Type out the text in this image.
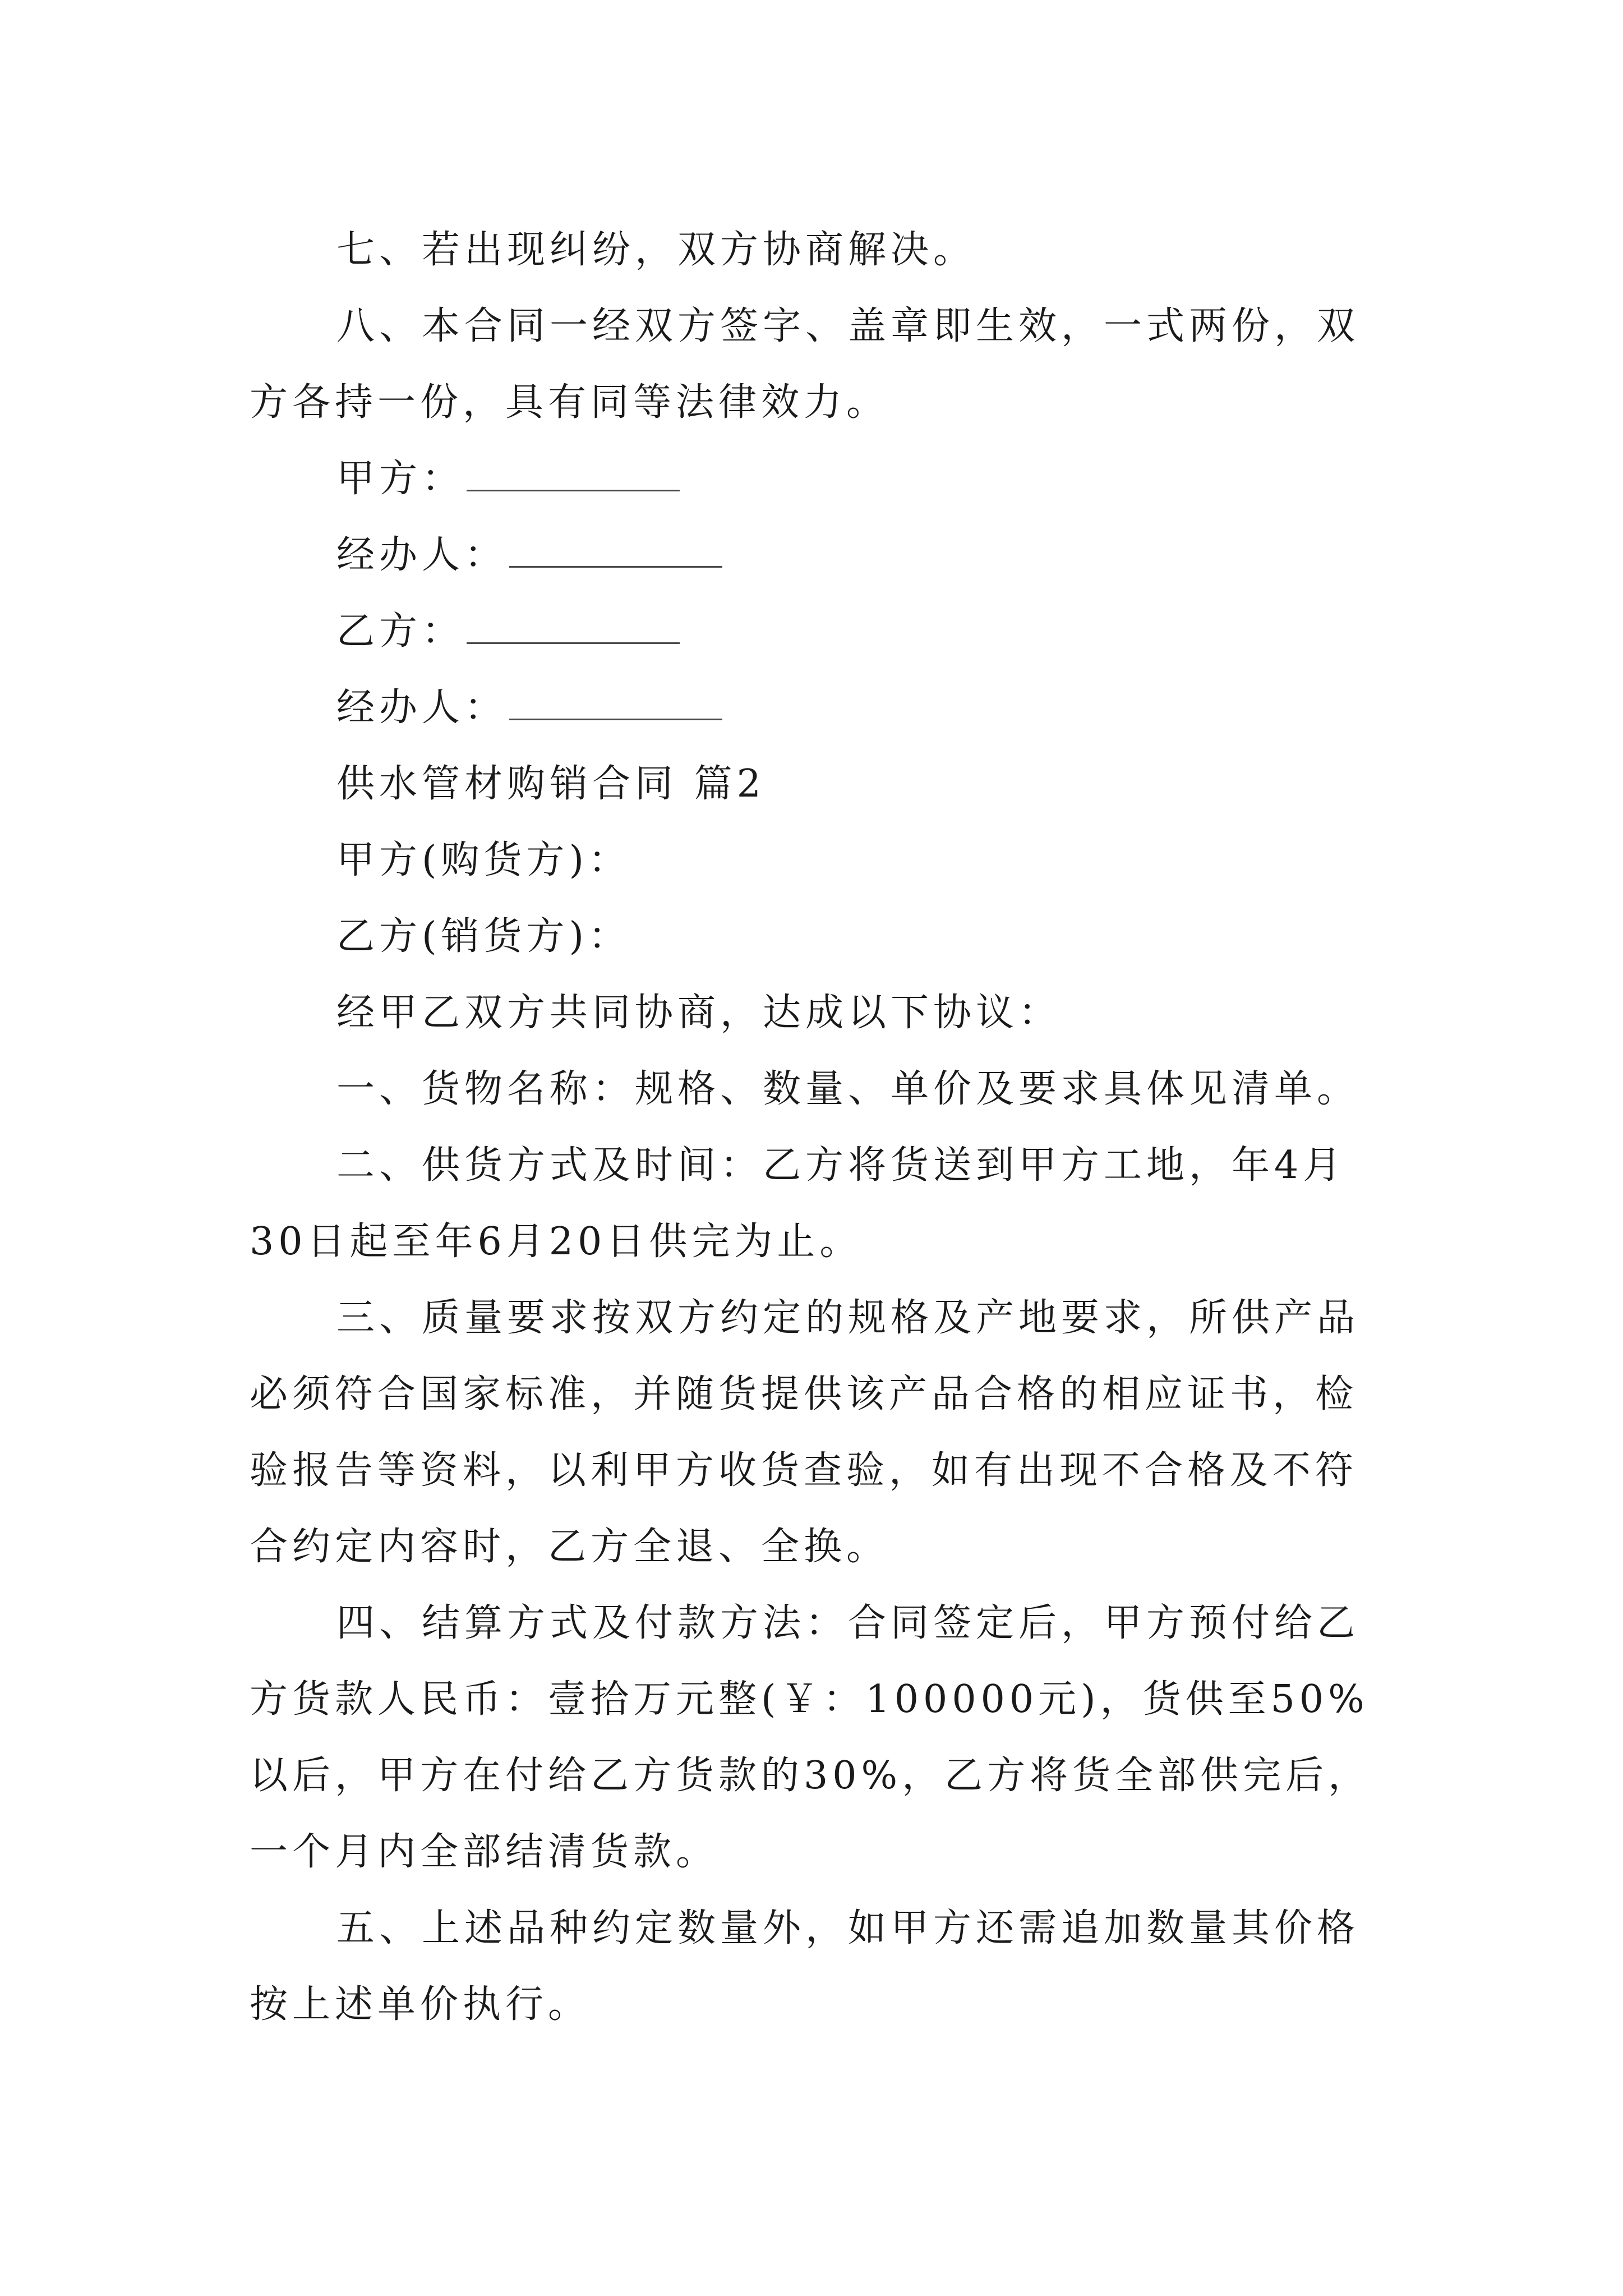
七、若出现纠纷，双方协商解决。

八、本合同一经双方签字、盖章即生效，一式两份，双方各持一份，具有同等法律效力。

甲方：

经办人：

乙方：

经办人：

供水管材购销合同 篇2

甲方(购货方)：

乙方(销货方)：

经甲乙双方共同协商，达成以下协议：

一、货物名称：规格、数量、单价及要求具体见清单。

二、供货方式及时间：乙方将货送到甲方工地，年4月30日起至年6月20日供完为止。

三、质量要求按双方约定的规格及产地要求，所供产品必须符合国家标准，并随货提供该产品合格的相应证书，检验报告等资料，以利甲方收货查验，如有出现不合格及不符合约定内容时，乙方全退、全换。

四、结算方式及付款方法：合同签定后，甲方预付给乙方货款人民币：壹拾万元整(￥：100000元)，货供至50%以后，甲方在付给乙方货款的30%，乙方将货全部供完后，一个月内全部结清货款。

五、上述品种约定数量外，如甲方还需追加数量其价格按上述单价执行。
